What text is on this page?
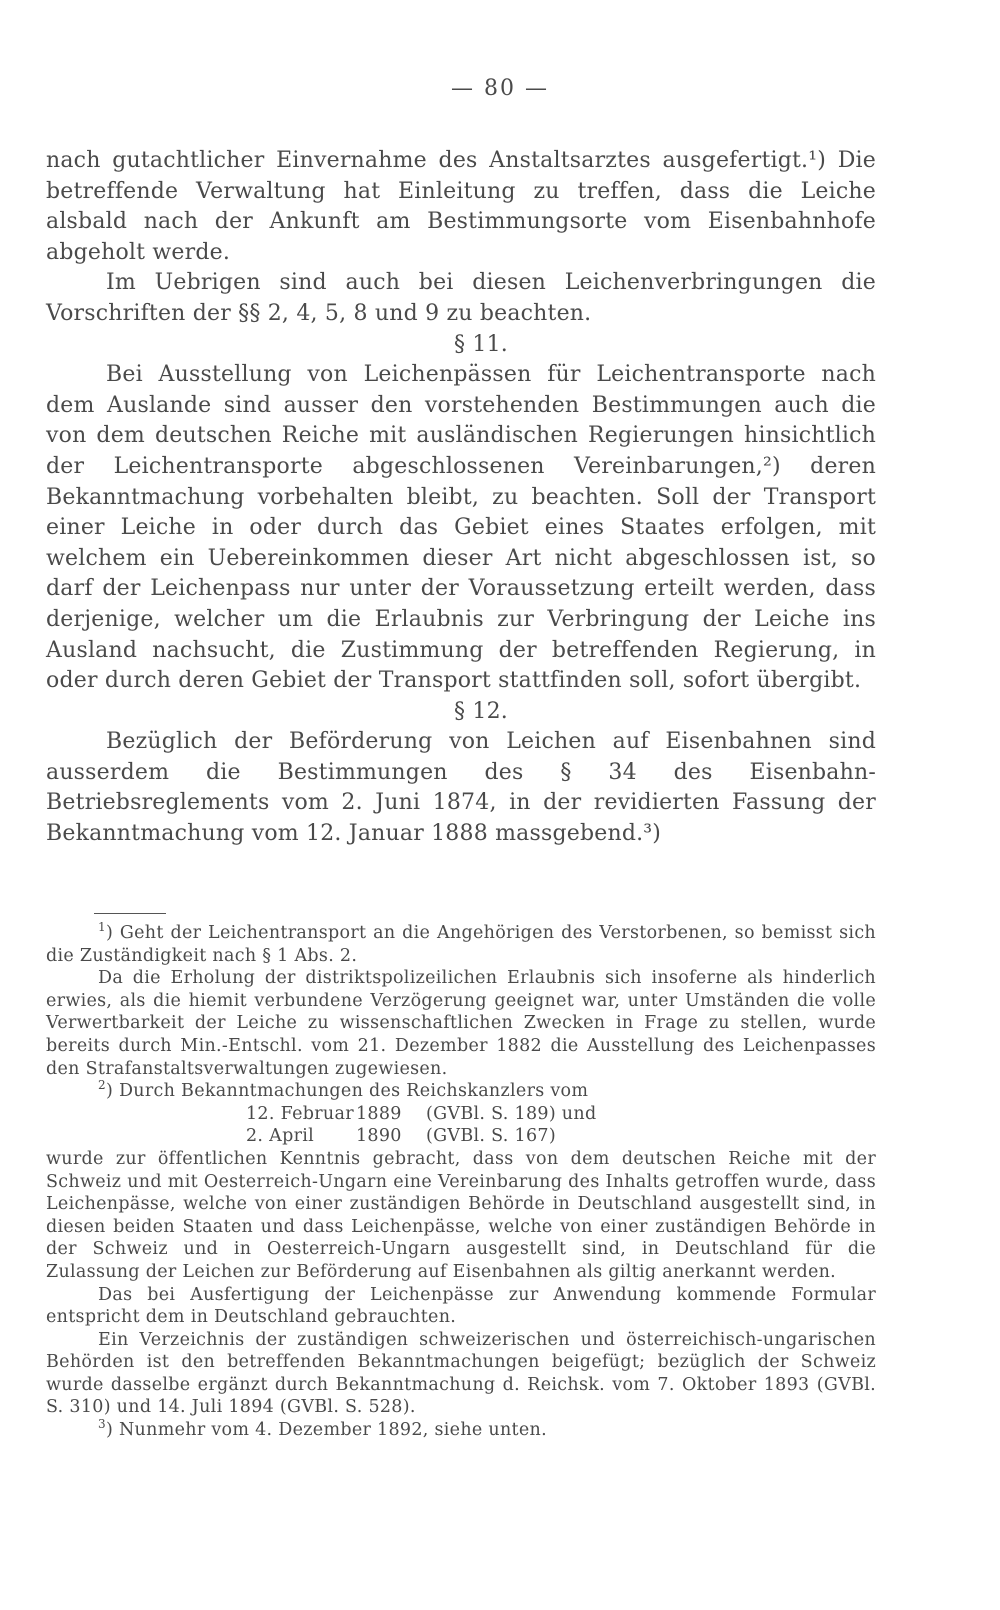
— 80 —

nach gutachtlicher Einvernahme des Anstaltsarztes ausgefertigt.¹) Die betreffende Verwaltung hat Einleitung zu treffen, dass die Leiche alsbald nach der Ankunft am Bestimmungsorte vom Eisenbahnhofe abgeholt werde.

Im Uebrigen sind auch bei diesen Leichenverbringungen die Vorschriften der §§ 2, 4, 5, 8 und 9 zu beachten.

§ 11.

Bei Ausstellung von Leichenpässen für Leichentransporte nach dem Auslande sind ausser den vorstehenden Bestimmungen auch die von dem deutschen Reiche mit ausländischen Regierungen hinsichtlich der Leichentransporte abgeschlossenen Vereinbarungen,²) deren Bekanntmachung vorbehalten bleibt, zu beachten. Soll der Transport einer Leiche in oder durch das Gebiet eines Staates erfolgen, mit welchem ein Uebereinkommen dieser Art nicht abgeschlossen ist, so darf der Leichenpass nur unter der Voraussetzung erteilt werden, dass derjenige, welcher um die Erlaubnis zur Verbringung der Leiche ins Ausland nachsucht, die Zustimmung der betreffenden Regierung, in oder durch deren Gebiet der Transport stattfinden soll, sofort übergibt.

§ 12.

Bezüglich der Beförderung von Leichen auf Eisenbahnen sind ausserdem die Bestimmungen des § 34 des Eisenbahn-Betriebsreglements vom 2. Juni 1874, in der revidierten Fassung der Bekanntmachung vom 12. Januar 1888 massgebend.³)

$^1$) Geht der Leichentransport an die Angehörigen des Verstorbenen, so bemisst sich die Zuständigkeit nach § 1 Abs. 2.

Da die Erholung der distriktspolizeilichen Erlaubnis sich insoferne als hinderlich erwies, als die hiemit verbundene Verzögerung geeignet war, unter Umständen die volle Verwertbarkeit der Leiche zu wissenschaftlichen Zwecken in Frage zu stellen, wurde bereits durch Min.-Entschl. vom 21. Dezember 1882 die Ausstellung des Leichenpasses den Strafanstaltsverwaltungen zugewiesen.

$^2$) Durch Bekanntmachungen des Reichskanzlers vom

12. Februar 1889	(GVBl. S. 189) und
2. April	1890	(GVBl. S. 167)

wurde zur öffentlichen Kenntnis gebracht, dass von dem deutschen Reiche mit der Schweiz und mit Oesterreich-Ungarn eine Vereinbarung des Inhalts getroffen wurde, dass Leichenpässe, welche von einer zuständigen Behörde in Deutschland ausgestellt sind, in diesen beiden Staaten und dass Leichenpässe, welche von einer zuständigen Behörde in der Schweiz und in Oesterreich-Ungarn ausgestellt sind, in Deutschland für die Zulassung der Leichen zur Beförderung auf Eisenbahnen als giltig anerkannt werden.

Das bei Ausfertigung der Leichenpässe zur Anwendung kommende Formular entspricht dem in Deutschland gebrauchten.

Ein Verzeichnis der zuständigen schweizerischen und österreichisch-ungarischen Behörden ist den betreffenden Bekanntmachungen beigefügt; bezüglich der Schweiz wurde dasselbe ergänzt durch Bekanntmachung d. Reichsk. vom 7. Oktober 1893 (GVBl. S. 310) und 14. Juli 1894 (GVBl. S. 528).

$^3$) Nunmehr vom 4. Dezember 1892, siehe unten.
